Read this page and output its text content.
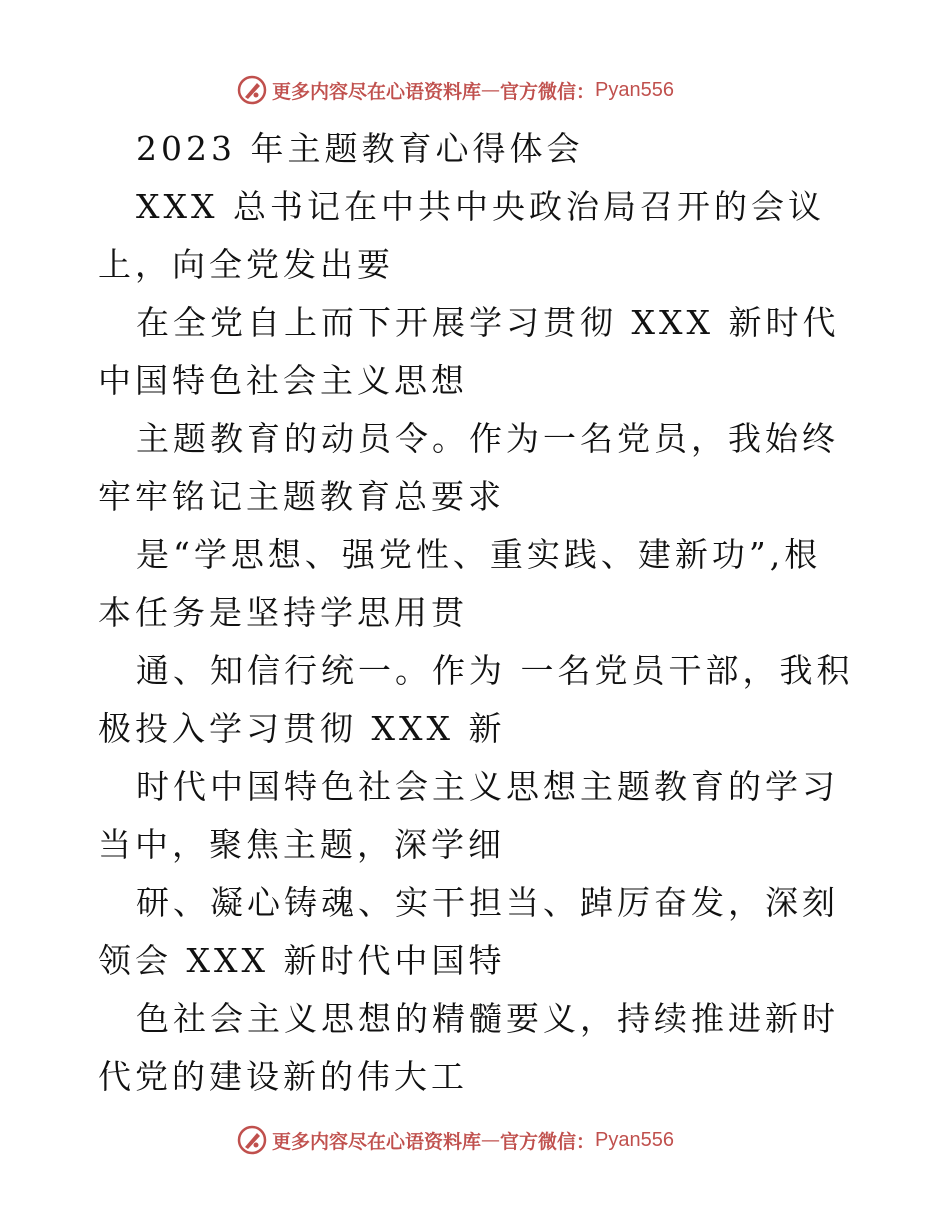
更多内容尽在心语资料库 — 官方微信： Pyan556

2023 年主题教育心得体会

XXX 总书记在中共中央政治局召开的会议上，向全党发出要

在全党自上而下开展学习贯彻 XXX 新时代中国特色社会主义思想

主题教育的动员令。作为一名党员，我始终牢牢铭记主题教育总要求

是“学思想、强党性、重实践、建新功”,根本任务是坚持学思用贯

通、知信行统一。作为 一名党员干部，我积极投入学习贯彻 XXX 新

时代中国特色社会主义思想主题教育的学习当中，聚焦主题，深学细

研、凝心铸魂、实干担当、踔厉奋发，深刻领会 XXX 新时代中国特

色社会主义思想的精髓要义，持续推进新时代党的建设新的伟大工

更多内容尽在心语资料库 — 官方微信： Pyan556
